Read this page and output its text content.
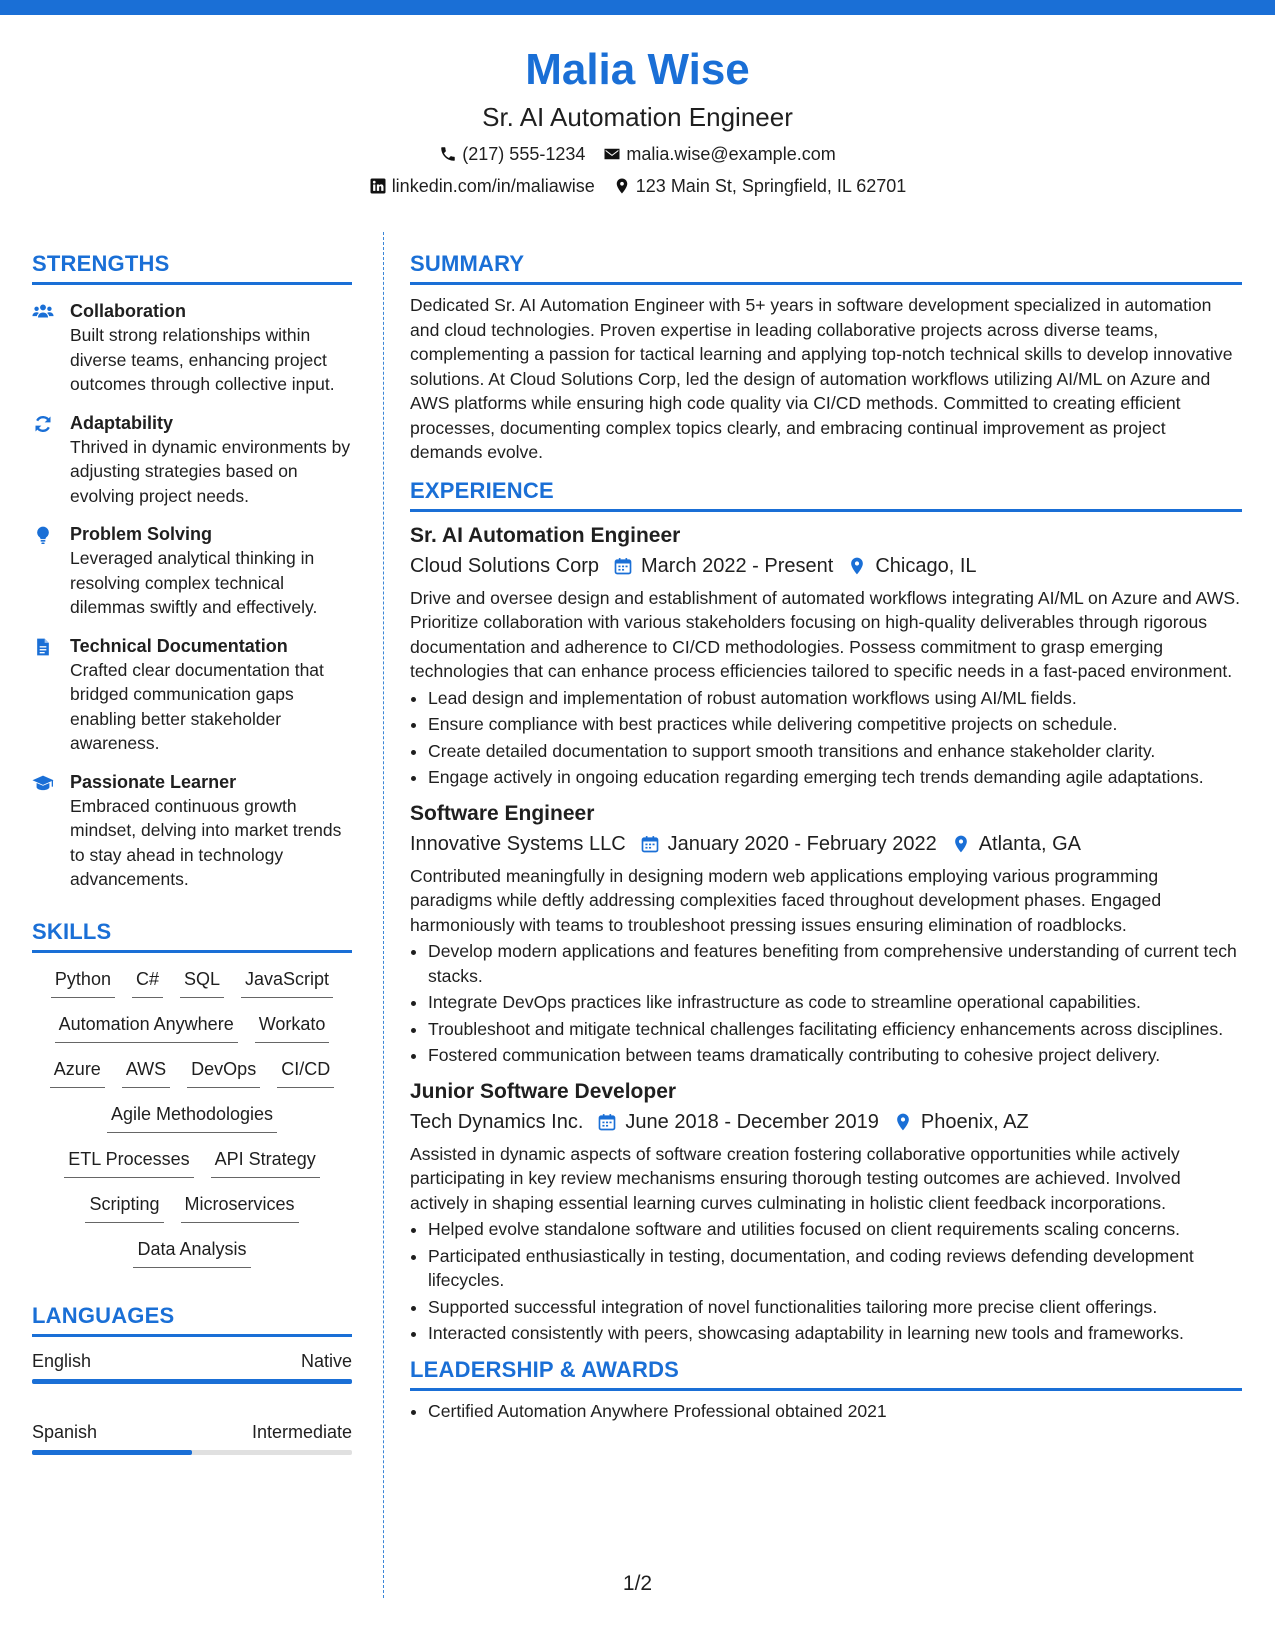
Malia Wise
Sr. AI Automation Engineer
(217) 555-1234 malia.wise@example.com
linkedin.com/in/maliawise 123 Main St, Springfield, IL 62701
STRENGTHS
Collaboration
Built strong relationships within diverse teams, enhancing project outcomes through collective input.
Adaptability
Thrived in dynamic environments by adjusting strategies based on evolving project needs.
Problem Solving
Leveraged analytical thinking in resolving complex technical dilemmas swiftly and effectively.
Technical Documentation
Crafted clear documentation that bridged communication gaps enabling better stakeholder awareness.
Passionate Learner
Embraced continuous growth mindset, delving into market trends to stay ahead in technology advancements.
SKILLS
Python C# SQL JavaScript
Automation Anywhere Workato
Azure AWS DevOps CI/CD
Agile Methodologies
ETL Processes API Strategy
Scripting Microservices
Data Analysis
LANGUAGES
English	Native
Spanish	Intermediate
SUMMARY
Dedicated Sr. AI Automation Engineer with 5+ years in software development specialized in automation and cloud technologies. Proven expertise in leading collaborative projects across diverse teams, complementing a passion for tactical learning and applying top-notch technical skills to develop innovative solutions. At Cloud Solutions Corp, led the design of automation workflows utilizing AI/ML on Azure and AWS platforms while ensuring high code quality via CI/CD methods. Committed to creating efficient processes, documenting complex topics clearly, and embracing continual improvement as project demands evolve.
EXPERIENCE
Sr. AI Automation Engineer
Cloud Solutions Corp March 2022 - Present Chicago, IL
Drive and oversee design and establishment of automated workflows integrating AI/ML on Azure and AWS. Prioritize collaboration with various stakeholders focusing on high-quality deliverables through rigorous documentation and adherence to CI/CD methodologies. Possess commitment to grasp emerging technologies that can enhance process efficiencies tailored to specific needs in a fast-paced environment.
• Lead design and implementation of robust automation workflows using AI/ML fields.
• Ensure compliance with best practices while delivering competitive projects on schedule.
• Create detailed documentation to support smooth transitions and enhance stakeholder clarity.
• Engage actively in ongoing education regarding emerging tech trends demanding agile adaptations.
Software Engineer
Innovative Systems LLC January 2020 - February 2022 Atlanta, GA
Contributed meaningfully in designing modern web applications employing various programming paradigms while deftly addressing complexities faced throughout development phases. Engaged harmoniously with teams to troubleshoot pressing issues ensuring elimination of roadblocks.
• Develop modern applications and features benefiting from comprehensive understanding of current tech stacks.
• Integrate DevOps practices like infrastructure as code to streamline operational capabilities.
• Troubleshoot and mitigate technical challenges facilitating efficiency enhancements across disciplines.
• Fostered communication between teams dramatically contributing to cohesive project delivery.
Junior Software Developer
Tech Dynamics Inc. June 2018 - December 2019 Phoenix, AZ
Assisted in dynamic aspects of software creation fostering collaborative opportunities while actively participating in key review mechanisms ensuring thorough testing outcomes are achieved. Involved actively in shaping essential learning curves culminating in holistic client feedback incorporations.
• Helped evolve standalone software and utilities focused on client requirements scaling concerns.
• Participated enthusiastically in testing, documentation, and coding reviews defending development lifecycles.
• Supported successful integration of novel functionalities tailoring more precise client offerings.
• Interacted consistently with peers, showcasing adaptability in learning new tools and frameworks.
LEADERSHIP & AWARDS
• Certified Automation Anywhere Professional obtained 2021
1/2
